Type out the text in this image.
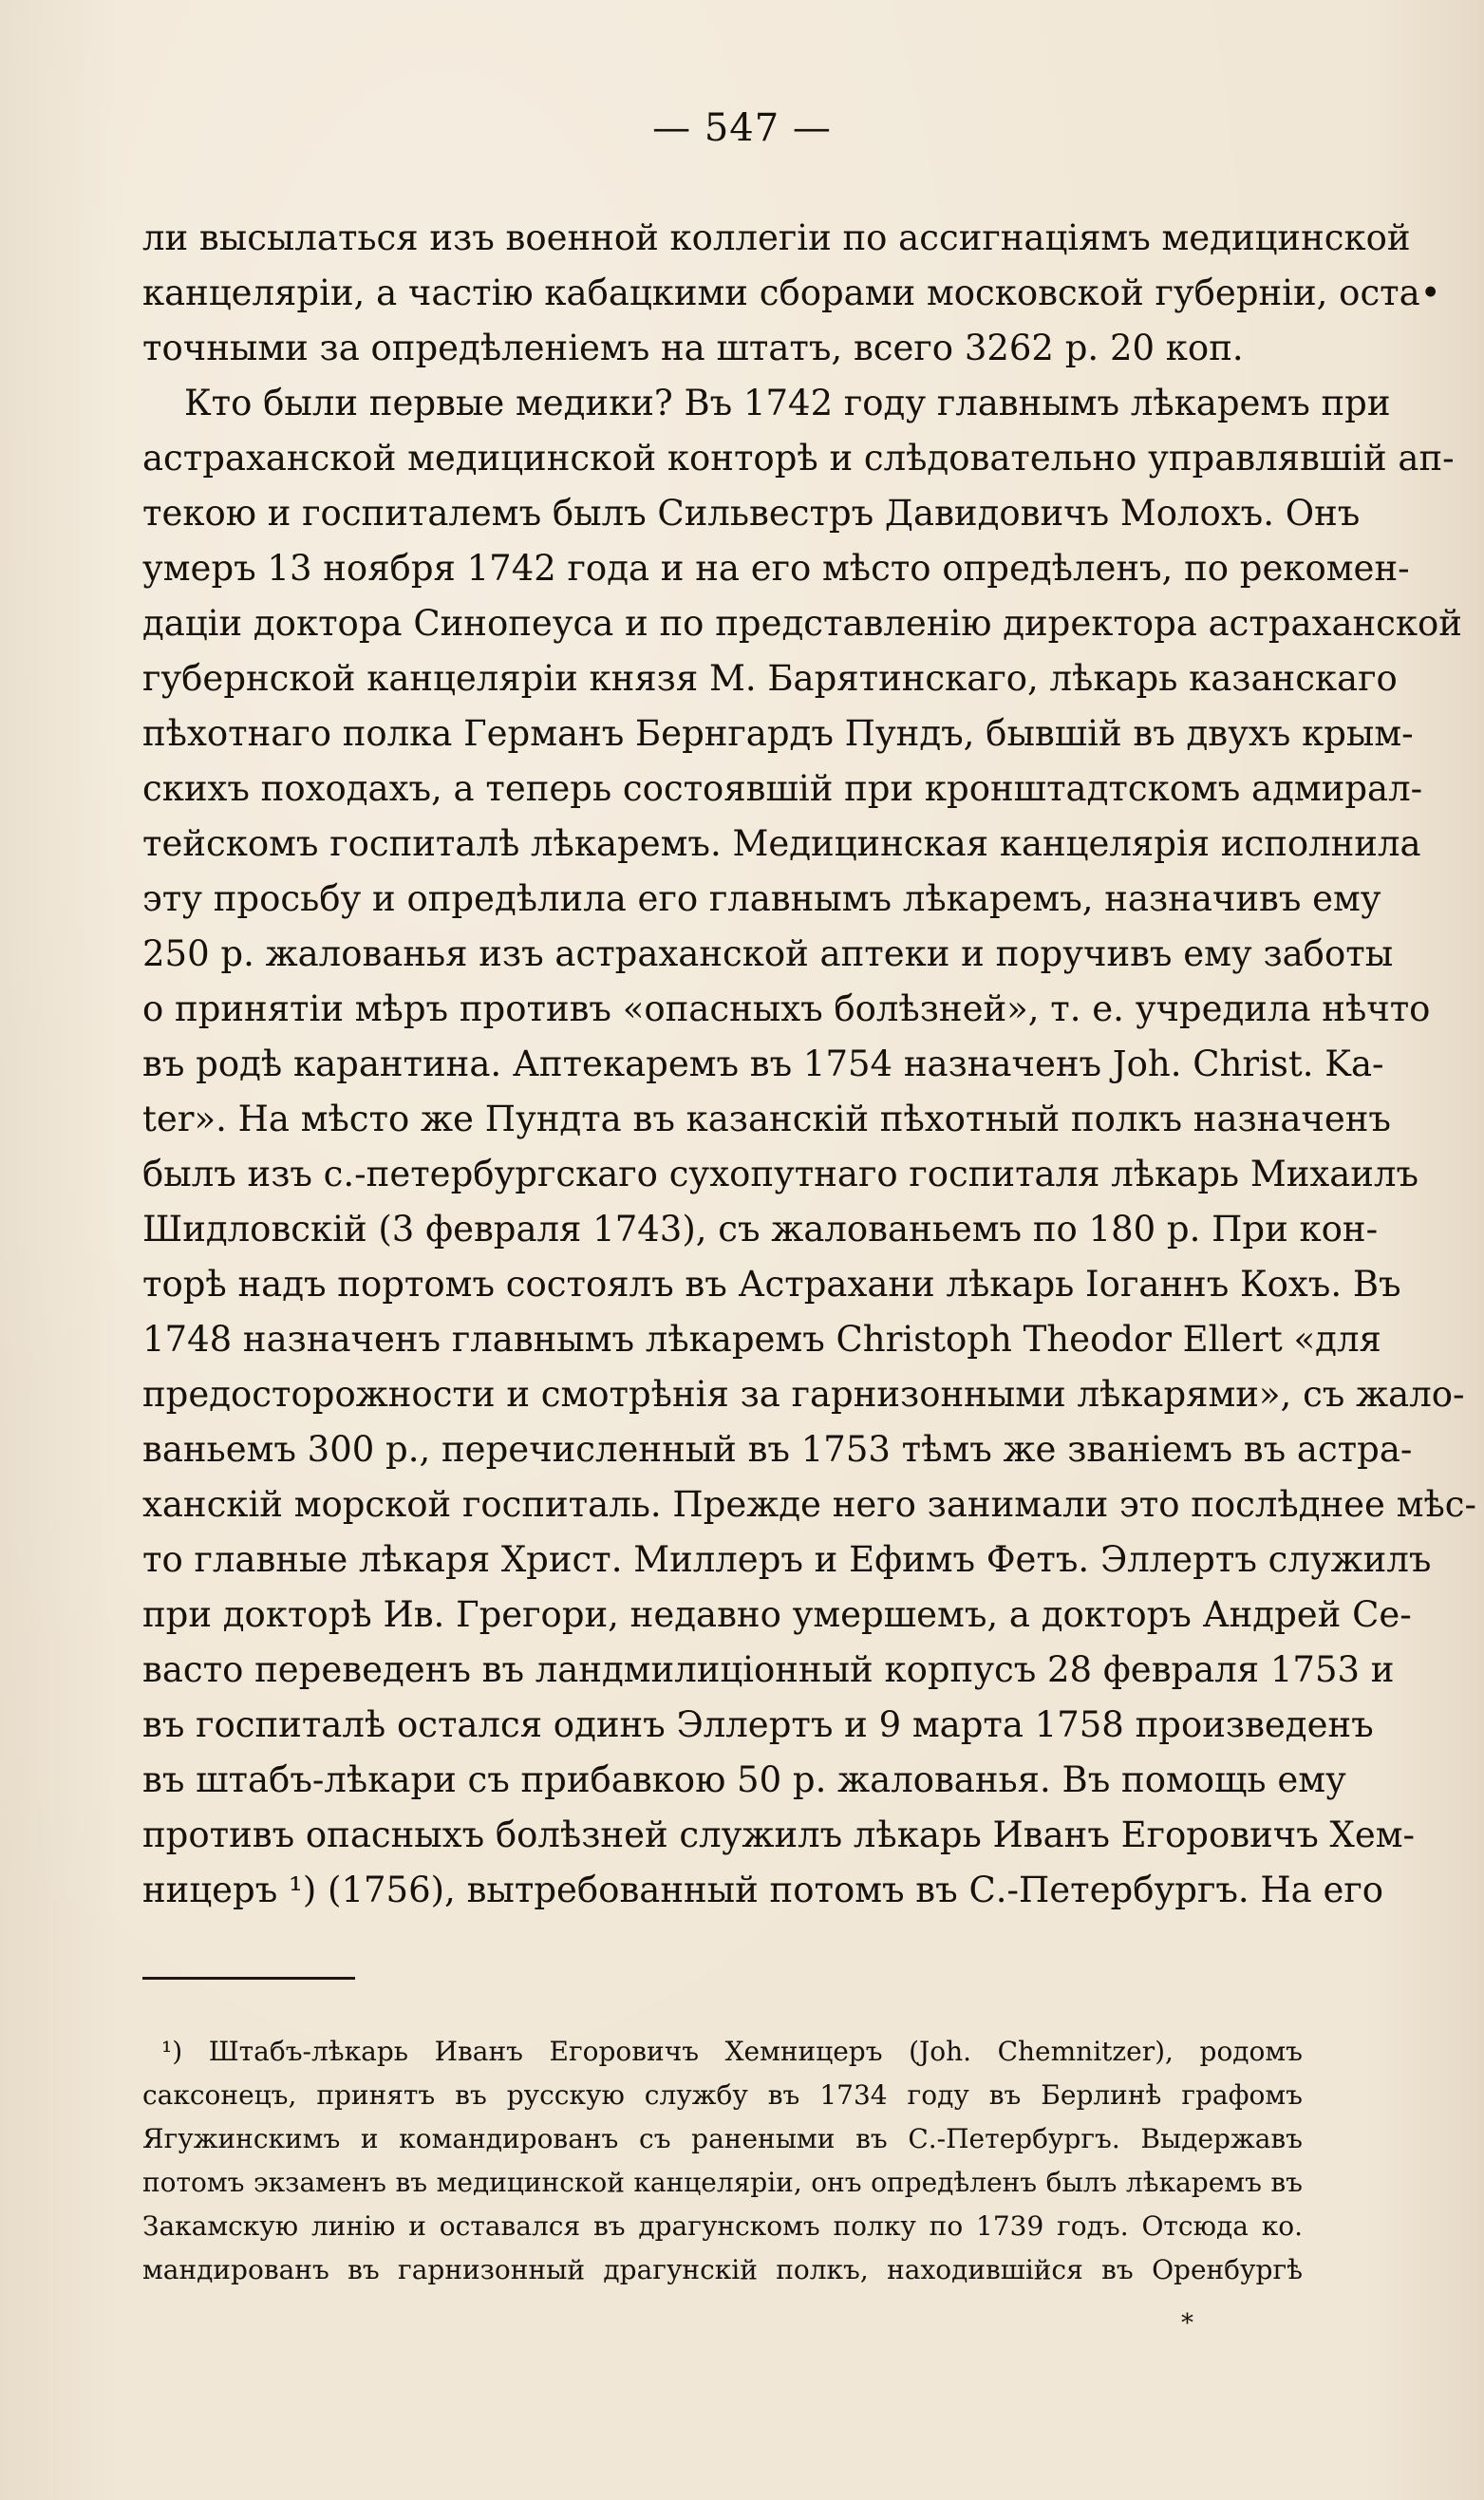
— 547 —
ли высылаться изъ военной коллегіи по ассигнаціямъ медицинской
канцеляріи, а частію кабацкими сборами московской губерніи, оста•
точными за опредѣленіемъ на штатъ, всего 3262 р. 20 коп.
Кто были первые медики? Въ 1742 году главнымъ лѣкаремъ при
астраханской медицинской конторѣ и слѣдовательно управлявшій ап-
текою и госпиталемъ былъ Сильвестръ Давидовичъ Молохъ. Онъ
умеръ 13 ноября 1742 года и на его мѣсто опредѣленъ, по рекомен-
даціи доктора Синопеуса и по представленію директора астраханской
губернской канцеляріи князя М. Барятинскаго, лѣкарь казанскаго
пѣхотнаго полка Германъ Бернгардъ Пундъ, бывшій въ двухъ крым-
скихъ походахъ, а теперь состоявшій при кронштадтскомъ адмирал-
тейскомъ госпиталѣ лѣкаремъ. Медицинская канцелярія исполнила
эту просьбу и опредѣлила его главнымъ лѣкаремъ, назначивъ ему
250 р. жалованья изъ астраханской аптеки и поручивъ ему заботы
о принятіи мѣръ противъ «опасныхъ болѣзней», т. е. учредила нѣчто
въ родѣ карантина. Аптекаремъ въ 1754 назначенъ Joh. Christ. Ka-
ter». На мѣсто же Пундта въ казанскій пѣхотный полкъ назначенъ
былъ изъ с.-петербургскаго сухопутнаго госпиталя лѣкарь Михаилъ
Шидловскій (3 февраля 1743), съ жалованьемъ по 180 р. При кон-
торѣ надъ портомъ состоялъ въ Астрахани лѣкарь Іоганнъ Кохъ. Въ
1748 назначенъ главнымъ лѣкаремъ Christoph Theodor Ellert «для
предосторожности и смотрѣнія за гарнизонными лѣкарями», съ жало-
ваньемъ 300 р., перечисленный въ 1753 тѣмъ же званіемъ въ астра-
ханскій морской госпиталь. Прежде него занимали это послѣднее мѣс-
то главные лѣкаря Христ. Миллеръ и Ефимъ Фетъ. Эллертъ служилъ
при докторѣ Ив. Грегори, недавно умершемъ, а докторъ Андрей Се-
васто переведенъ въ ландмилиціонный корпусъ 28 февраля 1753 и
въ госпиталѣ остался одинъ Эллертъ и 9 марта 1758 произведенъ
въ штабъ-лѣкари съ прибавкою 50 р. жалованья. Въ помощь ему
противъ опасныхъ болѣзней служилъ лѣкарь Иванъ Егоровичъ Хем-
ницеръ ¹) (1756), вытребованный потомъ въ С.-Петербургъ. На его
¹) Штабъ-лѣкарь Иванъ Егоровичъ Хемницеръ (Joh. Chemnitzer), родомъ
саксонецъ, принятъ въ русскую службу въ 1734 году въ Берлинѣ графомъ
Ягужинскимъ и командированъ съ ранеными въ С.-Петербургъ. Выдержавъ
потомъ экзаменъ въ медицинской канцеляріи, онъ опредѣленъ былъ лѣкаремъ въ
Закамскую линію и оставался въ драгунскомъ полку по 1739 годъ. Отсюда ко.
мандированъ въ гарнизонный драгунскій полкъ, находившійся въ Оренбургѣ
*
